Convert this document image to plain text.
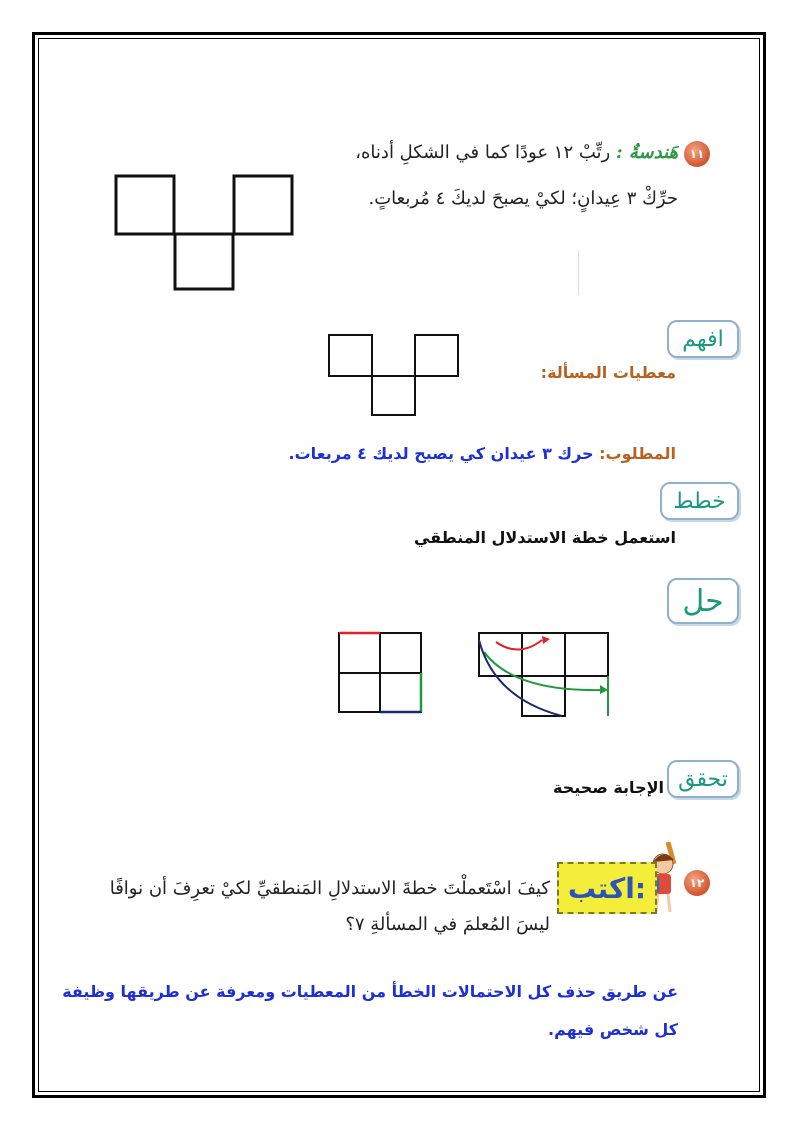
١١
هَندسةٌ : رتِّبْ ١٢ عودًا كما في الشكلِ أدناه،
حرِّكْ ٣ عِيدانٍ؛ لكيْ يصبحَ لديكَ ٤ مُربعاتٍ.
افهم
معطيات المسألة:
المطلوب: حرك ٣ عيدان كي يصبح لديك ٤ مربعات.
خطط
استعمل خطة الاستدلال المنطقي
حل
تحقق
الإجابة صحيحة
١٢
اكتب:
كيفَ اسْتَعملْتَ خطةَ الاستدلالِ المَنطقيِّ لكيْ تعرِفَ أن نوافًا
ليسَ المُعلمَ في المسألةِ ٧؟
عن طريق حذف كل الاحتمالات الخطأ من المعطيات ومعرفة عن طريقها وظيفة
كل شخص فيهم.
